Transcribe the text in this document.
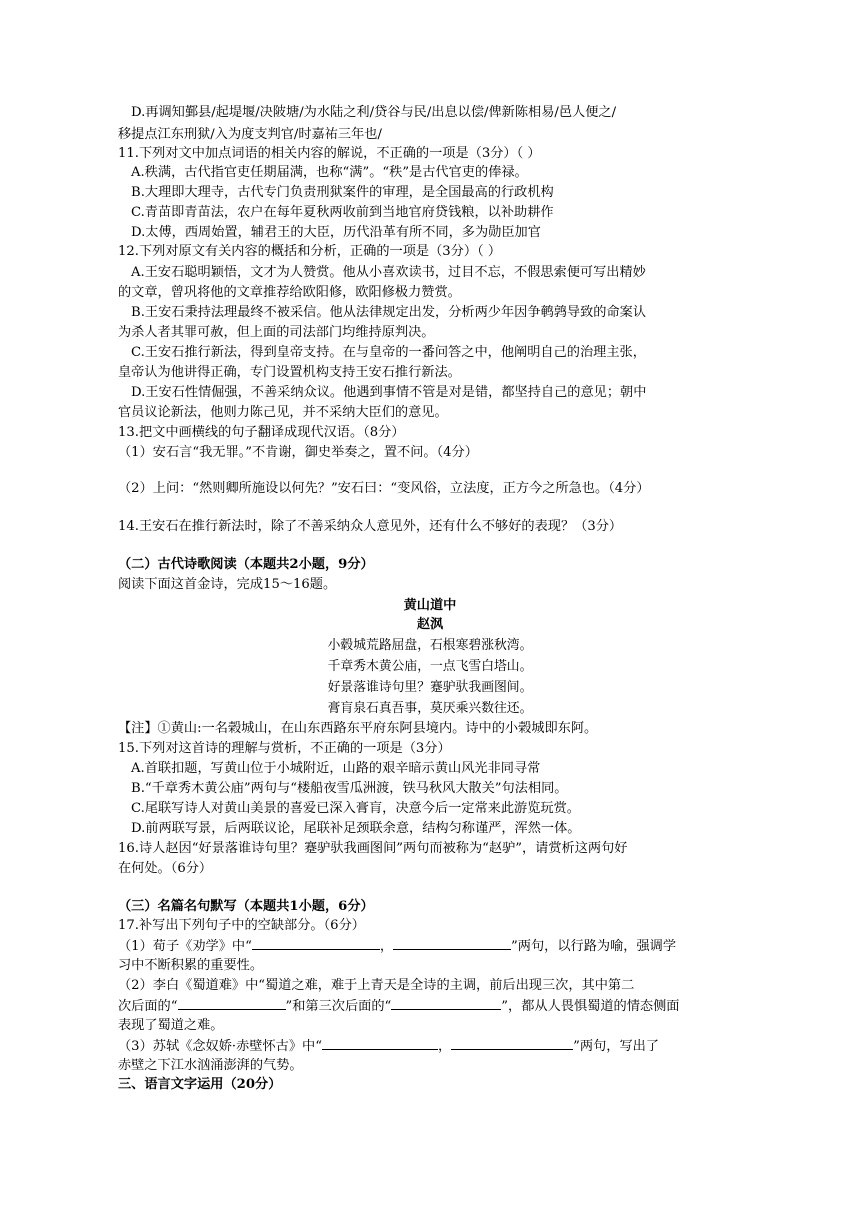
D.再调知鄞县/起堤堰/决陂塘/为水陆之利/贷谷与民/出息以偿/俾新陈相易/邑人便之/
移提点江东刑狱/入为度支判官/时嘉祐三年也/
11.下列对文中加点词语的相关内容的解说，不正确的一项是（3分）（ ）
A.秩满，古代指官吏任期届满，也称“满”。“秩”是古代官吏的俸禄。
B.大理即大理寺，古代专门负责刑狱案件的审理，是全国最高的行政机构
C.青苗即青苗法，农户在每年夏秋两收前到当地官府贷钱粮，以补助耕作
D.太傅，西周始置，辅君王的大臣，历代沿革有所不同，多为勋臣加官
12.下列对原文有关内容的概括和分析，正确的一项是（3分）（ ）
A.王安石聪明颖悟，文才为人赞赏。他从小喜欢读书，过目不忘，不假思索便可写出精妙
的文章，曾巩将他的文章推荐给欧阳修，欧阳修极力赞赏。
B.王安石秉持法理最终不被采信。他从法律规定出发，分析两少年因争鹌鹑导致的命案认
为杀人者其罪可赦，但上面的司法部门均维持原判决。
C.王安石推行新法，得到皇帝支持。在与皇帝的一番问答之中，他阐明自己的治理主张，
皇帝认为他讲得正确，专门设置机构支持王安石推行新法。
D.王安石性情倔强，不善采纳众议。他遇到事情不管是对是错，都坚持自己的意见；朝中
官员议论新法，他则力陈己见，并不采纳大臣们的意见。
13.把文中画横线的句子翻译成现代汉语。（8分）
（1）安石言“我无罪。”不肯谢，御史举奏之，置不问。（4分）
（2）上问：“然则卿所施设以何先？”安石曰：“变风俗，立法度，正方今之所急也。（4分）
14.王安石在推行新法时，除了不善采纳众人意见外，还有什么不够好的表现？（3分）
（二）古代诗歌阅读（本题共2小题，9分）
阅读下面这首金诗，完成15～16题。
黄山道中
赵沨
小毂城荒路屈盘，石根寒碧涨秋湾。
千章秀木黄公庙，一点飞雪白塔山。
好景落谁诗句里？蹇驴驮我画图间。
膏肓泉石真吾事，莫厌乘兴数往还。
【注】①黄山:一名榖城山，在山东西路东平府东阿县境内。诗中的小榖城即东阿。
15.下列对这首诗的理解与赏析，不正确的一项是（3分）
A.首联扣题，写黄山位于小城附近，山路的艰辛暗示黄山风光非同寻常
B.“千章秀木黄公庙”两句与“楼船夜雪瓜洲渡，铁马秋风大散关”句法相同。
C.尾联写诗人对黄山美景的喜爱已深入膏肓，决意今后一定常来此游览玩赏。
D.前两联写景，后两联议论，尾联补足颈联余意，结构匀称谨严，浑然一体。
16.诗人赵因“好景落谁诗句里？蹇驴驮我画图间”两句而被称为“赵驴”，请赏析这两句好
在何处。（6分）
（三）名篇名句默写（本题共1小题，6分）
17.补写出下列句子中的空缺部分。（6分）
（1）荀子《劝学》中“	，	”两句，以行路为喻，强调学
习中不断积累的重要性。
（2）李白《蜀道难》中“蜀道之难，难于上青天是全诗的主调，前后出现三次，其中第二
次后面的“	”和第三次后面的“	”，都从人畏惧蜀道的情态侧面
表现了蜀道之难。
（3）苏轼《念奴娇·赤壁怀古》中“	，	”两句，写出了
赤壁之下江水汹涌澎湃的气势。
三、语言文字运用（20分）
